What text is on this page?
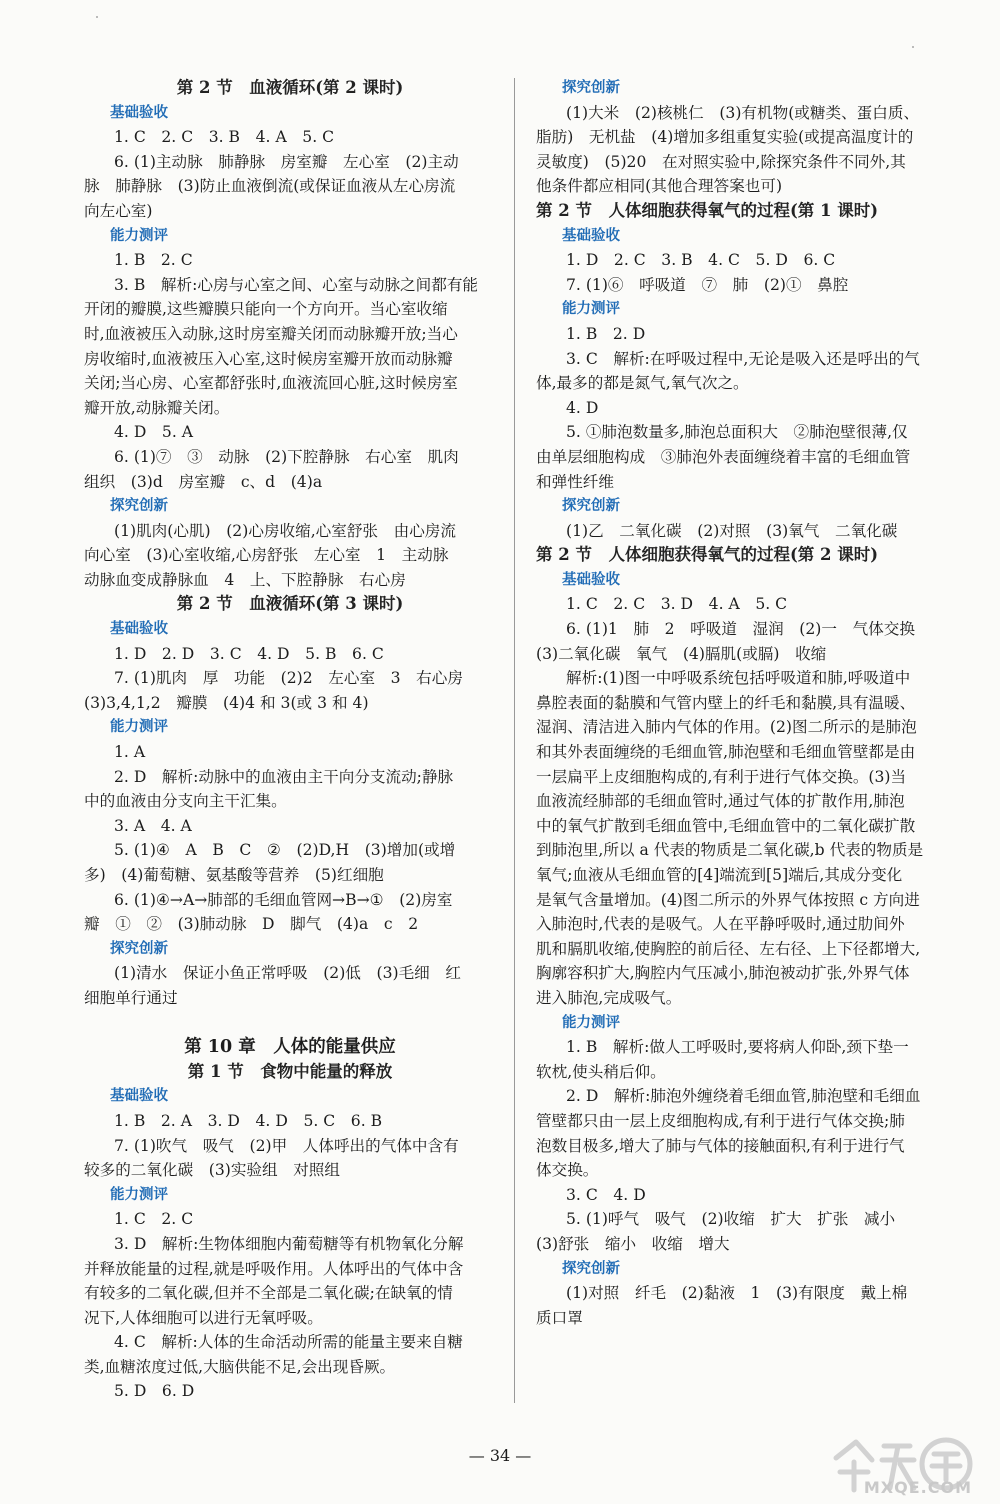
第 2 节　血液循环(第 2 课时)
基础验收
1. C　2. C　3. B　4. A　5. C
6. (1)主动脉　肺静脉　房室瓣　左心室　(2)主动
脉　肺静脉　(3)防止血液倒流(或保证血液从左心房流
向左心室)
能力测评
1. B　2. C
3. B　解析:心房与心室之间、心室与动脉之间都有能
开闭的瓣膜,这些瓣膜只能向一个方向开。当心室收缩
时,血液被压入动脉,这时房室瓣关闭而动脉瓣开放;当心
房收缩时,血液被压入心室,这时候房室瓣开放而动脉瓣
关闭;当心房、心室都舒张时,血液流回心脏,这时候房室
瓣开放,动脉瓣关闭。
4. D　5. A
6. (1)⑦　③　动脉　(2)下腔静脉　右心室　肌肉
组织　(3)d　房室瓣　c、d　(4)a
探究创新
(1)肌肉(心肌)　(2)心房收缩,心室舒张　由心房流
向心室　(3)心室收缩,心房舒张　左心室　1　主动脉
动脉血变成静脉血　4　上、下腔静脉　右心房
第 2 节　血液循环(第 3 课时)
基础验收
1. D　2. D　3. C　4. D　5. B　6. C
7. (1)肌肉　厚　功能　(2)2　左心室　3　右心房
(3)3,4,1,2　瓣膜　(4)4 和 3(或 3 和 4)
能力测评
1. A
2. D　解析:动脉中的血液由主干向分支流动;静脉
中的血液由分支向主干汇集。
3. A　4. A
5. (1)④　A　B　C　②　(2)D,H　(3)增加(或增
多)　(4)葡萄糖、氨基酸等营养　(5)红细胞
6. (1)④→A→肺部的毛细血管网→B→①　(2)房室
瓣　①　②　(3)肺动脉　D　脚气　(4)a　c　2
探究创新
(1)清水　保证小鱼正常呼吸　(2)低　(3)毛细　红
细胞单行通过
第 10 章　人体的能量供应
第 1 节　食物中能量的释放
基础验收
1. B　2. A　3. D　4. D　5. C　6. B
7. (1)吹气　吸气　(2)甲　人体呼出的气体中含有
较多的二氧化碳　(3)实验组　对照组
能力测评
1. C　2. C
3. D　解析:生物体细胞内葡萄糖等有机物氧化分解
并释放能量的过程,就是呼吸作用。人体呼出的气体中含
有较多的二氧化碳,但并不全部是二氧化碳;在缺氧的情
况下,人体细胞可以进行无氧呼吸。
4. C　解析:人体的生命活动所需的能量主要来自糖
类,血糖浓度过低,大脑供能不足,会出现昏厥。
5. D　6. D
探究创新
(1)大米　(2)核桃仁　(3)有机物(或糖类、蛋白质、
脂肪)　无机盐　(4)增加多组重复实验(或提高温度计的
灵敏度)　(5)20　在对照实验中,除探究条件不同外,其
他条件都应相同(其他合理答案也可)
第 2 节　人体细胞获得氧气的过程(第 1 课时)
基础验收
1. D　2. C　3. B　4. C　5. D　6. C
7. (1)⑥　呼吸道　⑦　肺　(2)①　鼻腔
能力测评
1. B　2. D
3. C　解析:在呼吸过程中,无论是吸入还是呼出的气
体,最多的都是氮气,氧气次之。
4. D
5. ①肺泡数量多,肺泡总面积大　②肺泡壁很薄,仅
由单层细胞构成　③肺泡外表面缠绕着丰富的毛细血管
和弹性纤维
探究创新
(1)乙　二氧化碳　(2)对照　(3)氧气　二氧化碳
第 2 节　人体细胞获得氧气的过程(第 2 课时)
基础验收
1. C　2. C　3. D　4. A　5. C
6. (1)1　肺　2　呼吸道　湿润　(2)一　气体交换
(3)二氧化碳　氧气　(4)膈肌(或膈)　收缩
解析:(1)图一中呼吸系统包括呼吸道和肺,呼吸道中
鼻腔表面的黏膜和气管内壁上的纤毛和黏膜,具有温暖、
湿润、清洁进入肺内气体的作用。(2)图二所示的是肺泡
和其外表面缠绕的毛细血管,肺泡壁和毛细血管壁都是由
一层扁平上皮细胞构成的,有利于进行气体交换。(3)当
血液流经肺部的毛细血管时,通过气体的扩散作用,肺泡
中的氧气扩散到毛细血管中,毛细血管中的二氧化碳扩散
到肺泡里,所以 a 代表的物质是二氧化碳,b 代表的物质是
氧气;血液从毛细血管的[4]端流到[5]端后,其成分变化
是氧气含量增加。(4)图二所示的外界气体按照 c 方向进
入肺泡时,代表的是吸气。人在平静呼吸时,通过肋间外
肌和膈肌收缩,使胸腔的前后径、左右径、上下径都增大,
胸廓容积扩大,胸腔内气压减小,肺泡被动扩张,外界气体
进入肺泡,完成吸气。
能力测评
1. B　解析:做人工呼吸时,要将病人仰卧,颈下垫一
软枕,使头稍后仰。
2. D　解析:肺泡外缠绕着毛细血管,肺泡壁和毛细血
管壁都只由一层上皮细胞构成,有利于进行气体交换;肺
泡数目极多,增大了肺与气体的接触面积,有利于进行气
体交换。
3. C　4. D
5. (1)呼气　吸气　(2)收缩　扩大　扩张　减小
(3)舒张　缩小　收缩　增大
探究创新
(1)对照　纤毛　(2)黏液　1　(3)有限度　戴上棉
质口罩
— 34 —
MXQE.COM
